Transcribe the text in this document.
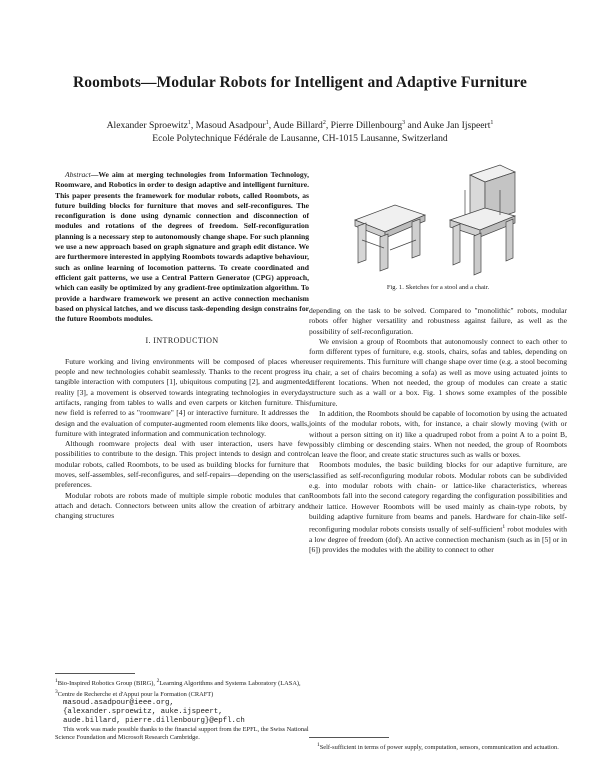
Roombots—Modular Robots for Intelligent and Adaptive Furniture
Alexander Sproewitz$^1$, Masoud Asadpour$^1$, Aude Billard$^2$, Pierre Dillenbourg$^3$ and Auke Jan Ijspeert$^1$
Ecole Polytechnique Fédérale de Lausanne, CH-1015 Lausanne, Switzerland

Abstract—We aim at merging technologies from Information Technology, Roomware, and Robotics in order to design adaptive and intelligent furniture. This paper presents the framework for modular robots, called Roombots, as future building blocks for furniture that moves and self-reconfigures. The reconfiguration is done using dynamic connection and disconnection of modules and rotations of the degrees of freedom. Self-reconfiguration planning is a necessary step to autonomously change shape. For such planning we use a new approach based on graph signature and graph edit distance. We are furthermore interested in applying Roombots towards adaptive behaviour, such as online learning of locomotion patterns. To create coordinated and efficient gait patterns, we use a Central Pattern Generator (CPG) approach, which can easily be optimized by any gradient-free optimization algorithm. To provide a hardware framework we present an active connection mechanism based on physical latches, and we discuss task-depending design constrains for the future Roombots modules.

I. INTRODUCTION

Future working and living environments will be composed of places where people and new technologies cohabit seamlessly. Thanks to the recent progress in tangible interaction with computers [1], ubiquitous computing [2], and augmented reality [3], a movement is observed towards integrating technologies in everyday artifacts, ranging from tables to walls and even carpets or kitchen furniture. This new field is referred to as "roomware" [4] or interactive furniture. It addresses the design and the evaluation of computer-augmented room elements like doors, walls, furniture with integrated information and communication technology.

Although roomware projects deal with user interaction, users have few possibilities to contribute to the design. This project intends to design and control modular robots, called Roombots, to be used as building blocks for furniture that moves, self-assembles, self-reconfigures, and self-repairs—depending on the users preferences.

Modular robots are robots made of multiple simple robotic modules that can attach and detach. Connectors between units allow the creation of arbitrary and changing structures

$^1$Bio-Inspired Robotics Group (BIRG), $^2$Learning Algorithms and Systems Laboratory (LASA), $^3$Centre de Recherche et d'Appui pour la Formation (CRAFT)
masoud.asadpour@ieee.org,
{alexander.sproewitz, auke.ijspeert,
aude.billard, pierre.dillenbourg}@epfl.ch
This work was made possible thanks to the financial support from the EPFL, the Swiss National Science Foundation and Microsoft Research Cambridge.
Fig. 1. Sketches for a stool and a chair.

depending on the task to be solved. Compared to "monolithic" robots, modular robots offer higher versatility and robustness against failure, as well as the possibility of self-reconfiguration.

We envision a group of Roombots that autonomously connect to each other to form different types of furniture, e.g. stools, chairs, sofas and tables, depending on user requirements. This furniture will change shape over time (e.g. a stool becoming a chair, a set of chairs becoming a sofa) as well as move using actuated joints to different locations. When not needed, the group of modules can create a static structure such as a wall or a box. Fig. 1 shows some examples of the possible furniture.

In addition, the Roombots should be capable of locomotion by using the actuated joints of the modular robots, with, for instance, a chair slowly moving (with or without a person sitting on it) like a quadruped robot from a point A to a point B, possibly climbing or descending stairs. When not needed, the group of Roombots can leave the floor, and create static structures such as walls or boxes.

Roombots modules, the basic building blocks for our adaptive furniture, are classified as self-reconfiguring modular robots. Modular robots can be subdivided e.g. into modular robots with chain- or lattice-like characteristics, whereas Roombots fall into the second category regarding the configuration possibilities and their lattice. However Roombots will be used mainly as chain-type robots, by building adaptive furniture from beams and panels. Hardware for chain-like self-reconfiguring modular robots consists usually of self-sufficient$^1$ robot modules with a low degree of freedom (dof). An active connection mechanism (such as in [5] or in [6]) provides the modules with the ability to connect to other

$^1$Self-sufficient in terms of power supply, computation, sensors, communication and actuation.
